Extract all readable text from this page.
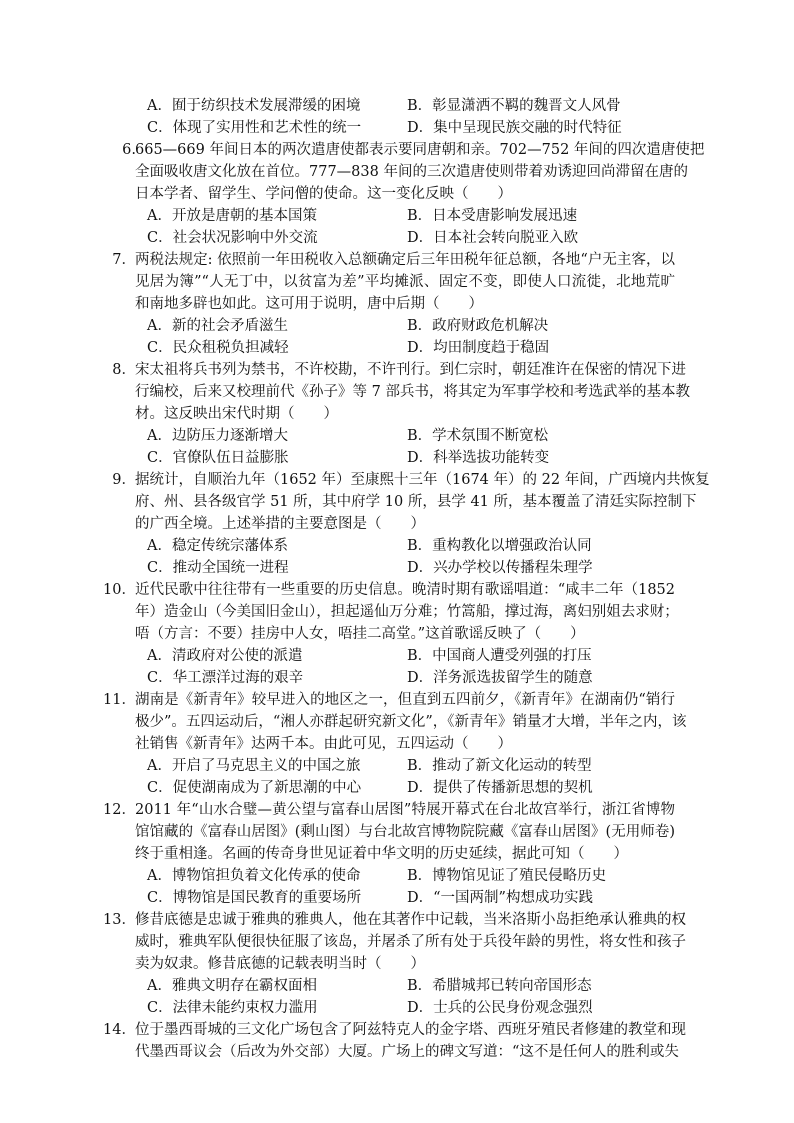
A．囿于纺织技术发展滞缓的困境	B．彰显潇洒不羁的魏晋文人风骨
C．体现了实用性和艺术性的统一	D．集中呈现民族交融的时代特征
6. 665—669 年间日本的两次遣唐使都表示要同唐朝和亲。702—752 年间的四次遣唐使把
全面吸收唐文化放在首位。777—838 年间的三次遣唐使则带着劝诱迎回尚滞留在唐的
日本学者、留学生、学问僧的使命。这一变化反映（　　）
A．开放是唐朝的基本国策	B．日本受唐影响发展迅速
C．社会状况影响中外交流	D．日本社会转向脱亚入欧
7． 两税法规定: 依照前一年田税收入总额确定后三年田税年征总额，各地“户无主客，以
见居为簿”“人无丁中，以贫富为差”平均摊派、固定不变，即使人口流徙，北地荒旷
和南地多辟也如此。这可用于说明，唐中后期（　　）
A．新的社会矛盾滋生	B．政府财政危机解决
C．民众租税负担减轻	D．均田制度趋于稳固
8． 宋太祖将兵书列为禁书，不许校勘，不许刊行。到仁宗时，朝廷准许在保密的情况下进
行编校，后来又校理前代《孙子》等 7 部兵书，将其定为军事学校和考选武举的基本教
材。这反映出宋代时期（　　）
A．边防压力逐渐增大	B．学术氛围不断宽松
C．官僚队伍日益膨胀	D．科举选拔功能转变
9． 据统计，自顺治九年（1652 年）至康熙十三年（1674 年）的 22 年间，广西境内共恢复
府、州、县各级官学 51 所，其中府学 10 所，县学 41 所，基本覆盖了清廷实际控制下
的广西全境。上述举措的主要意图是（　　）
A．稳定传统宗藩体系	B．重构教化以增强政治认同
C．推动全国统一进程	D．兴办学校以传播程朱理学
10． 近代民歌中往往带有一些重要的历史信息。晚清时期有歌谣唱道：“咸丰二年（1852
年）造金山（今美国旧金山），担起遥仙万分难；竹篙船，撑过海，离妇别姐去求财；
唔（方言：不要）挂房中人女，唔挂二高堂。”这首歌谣反映了（　　）
A．清政府对公使的派遣	B．中国商人遭受列强的打压
C．华工漂洋过海的艰辛	D．洋务派选拔留学生的随意
11． 湖南是《新青年》较早进入的地区之一，但直到五四前夕，《新青年》在湖南仍“销行
极少”。五四运动后，“湘人亦群起研究新文化”，《新青年》销量才大增，半年之内，该
社销售《新青年》达两千本。由此可见，五四运动（　　）
A．开启了马克思主义的中国之旅	B．推动了新文化运动的转型
C．促使湖南成为了新思潮的中心	D．提供了传播新思想的契机
12． 2011 年“山水合璧—黄公望与富春山居图”特展开幕式在台北故宫举行，浙江省博物
馆馆藏的《富春山居图》(剩山图）与台北故宫博物院院藏《富春山居图》(无用师卷)
终于重相逢。名画的传奇身世见证着中华文明的历史延续，据此可知（　　）
A．博物馆担负着文化传承的使命	B．博物馆见证了殖民侵略历史
C．博物馆是国民教育的重要场所	D．“一国两制”构想成功实践
13． 修昔底德是忠诚于雅典的雅典人，他在其著作中记载，当米洛斯小岛拒绝承认雅典的权
威时，雅典军队便很快征服了该岛，并屠杀了所有处于兵役年龄的男性，将女性和孩子
卖为奴隶。修昔底德的记载表明当时（　　）
A．雅典文明存在霸权面相	B．希腊城邦已转向帝国形态
C．法律未能约束权力滥用	D．士兵的公民身份观念强烈
14． 位于墨西哥城的三文化广场包含了阿兹特克人的金字塔、西班牙殖民者修建的教堂和现
代墨西哥议会（后改为外交部）大厦。广场上的碑文写道：“这不是任何人的胜利或失
